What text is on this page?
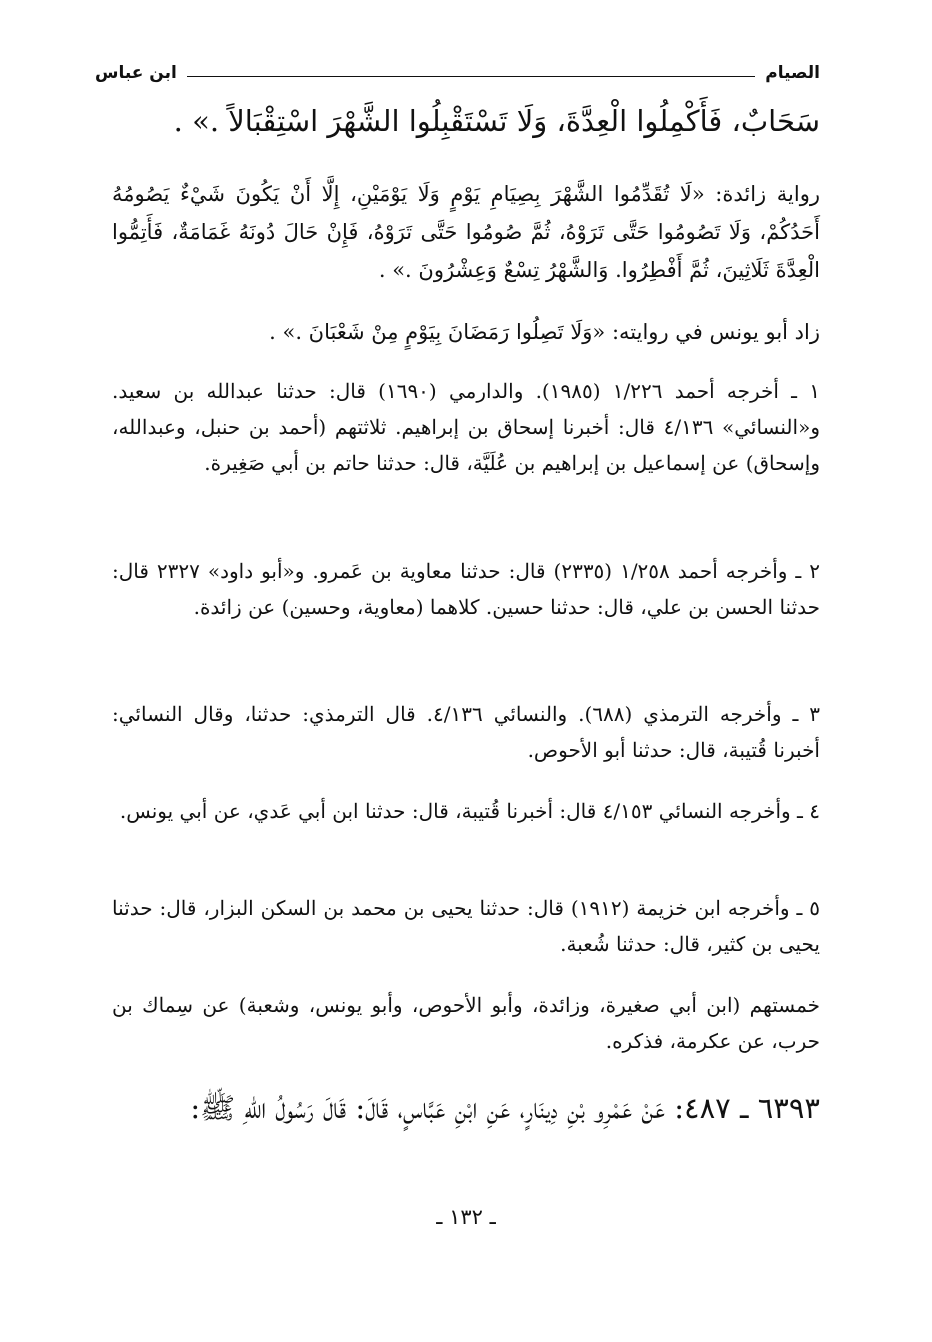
الصيام
ابن عباس
سَحَابٌ، فَأَكْمِلُوا الْعِدَّةَ، وَلَا تَسْتَقْبِلُوا الشَّهْرَ اسْتِقْبَالاً .» .
رواية زائدة: «لَا تُقَدِّمُوا الشَّهْرَ بِصِيَامِ يَوْمٍ وَلَا يَوْمَيْنِ، إِلَّا أَنْ يَكُونَ شَيْءٌ يَصُومُهُ أَحَدُكُمْ، وَلَا تَصُومُوا حَتَّى تَرَوْهُ، ثُمَّ صُومُوا حَتَّى تَرَوْهُ، فَإِنْ حَالَ دُونَهُ غَمَامَةٌ، فَأَتِمُّوا الْعِدَّةَ ثَلَاثِينَ، ثُمَّ أَفْطِرُوا. وَالشَّهْرُ تِسْعٌ وَعِشْرُونَ .» .
زاد أبو يونس في روايته: «وَلَا تَصِلُوا رَمَضَانَ بِيَوْمٍ مِنْ شَعْبَانَ .» .
١ ـ أخرجه أحمد ١/٢٢٦ (١٩٨٥). والدارمي (١٦٩٠) قال: حدثنا عبدالله بن سعيد. و«النسائي» ٤/١٣٦ قال: أخبرنا إسحاق بن إبراهيم. ثلاثتهم (أحمد بن حنبل، وعبدالله، وإسحاق) عن إسماعيل بن إبراهيم بن عُلَيَّة، قال: حدثنا حاتم بن أبي صَغِيرة.
٢ ـ وأخرجه أحمد ١/٢٥٨ (٢٣٣٥) قال: حدثنا معاوية بن عَمرو. و«أبو داود» ٢٣٢٧ قال: حدثنا الحسن بن علي، قال: حدثنا حسين. كلاهما (معاوية، وحسين) عن زائدة.
٣ ـ وأخرجه الترمذي (٦٨٨). والنسائي ٤/١٣٦. قال الترمذي: حدثنا، وقال النسائي: أخبرنا قُتيبة، قال: حدثنا أبو الأحوص.
٤ ـ وأخرجه النسائي ٤/١٥٣ قال: أخبرنا قُتيبة، قال: حدثنا ابن أبي عَدي، عن أبي يونس.
٥ ـ وأخرجه ابن خزيمة (١٩١٢) قال: حدثنا يحيى بن محمد بن السكن البزار، قال: حدثنا يحيى بن كثير، قال: حدثنا شُعبة.
خمستهم (ابن أبي صغيرة، وزائدة، وأبو الأحوص، وأبو يونس، وشعبة) عن سِماك بن حرب، عن عكرمة، فذكره.
٦٣٩٣ ـ ٤٨٧: عَنْ عَمْرِو بْنِ دِينَارٍ، عَنِ ابْنِ عَبَّاسٍ، قَالَ: قَالَ رَسُولُ اللهِ ﷺ:
ـ ١٣٢ ـ
